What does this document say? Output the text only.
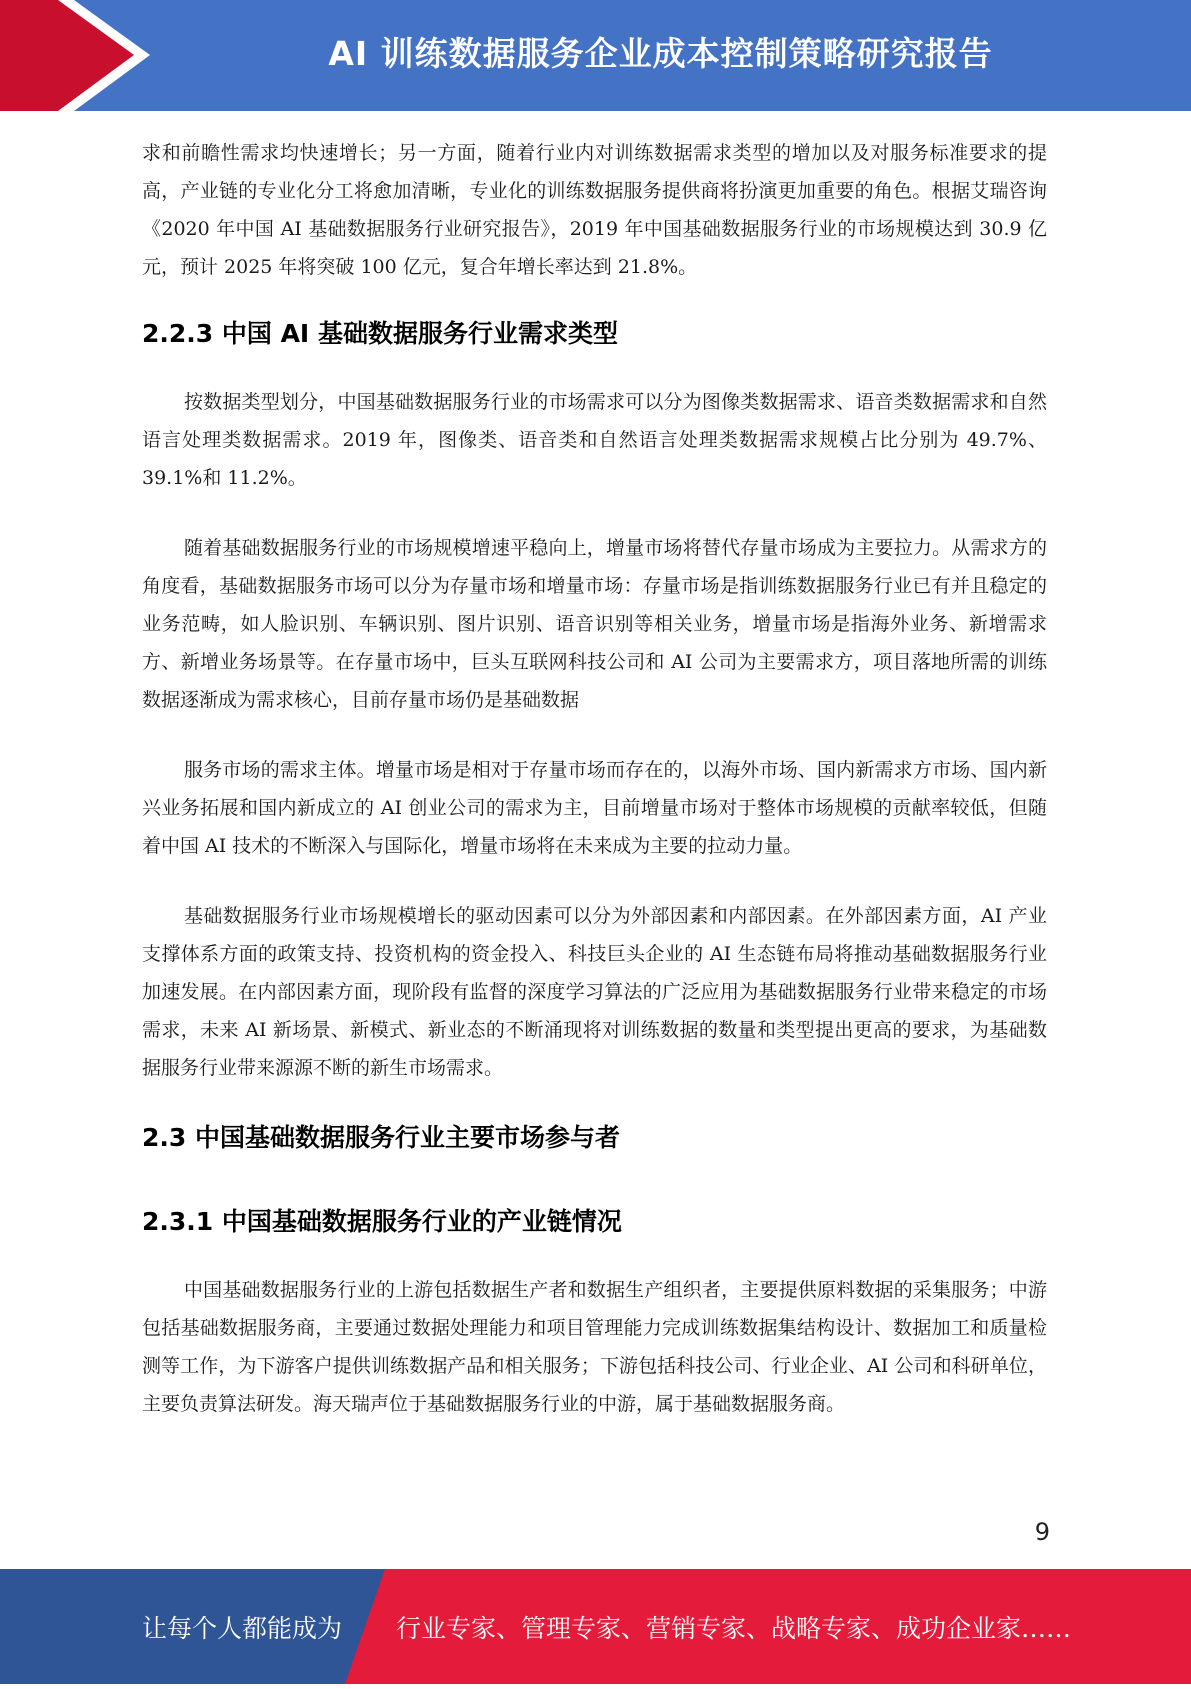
AI 训练数据服务企业成本控制策略研究报告

求和前瞻性需求均快速增长；另一方面，随着行业内对训练数据需求类型的增加以及对服务标准要求的提高，产业链的专业化分工将愈加清晰，专业化的训练数据服务提供商将扮演更加重要的角色。根据艾瑞咨询《2020 年中国 AI 基础数据服务行业研究报告》，2019 年中国基础数据服务行业的市场规模达到 30.9 亿元，预计 2025 年将突破 100 亿元，复合年增长率达到 21.8%。

2.2.3 中国 AI 基础数据服务行业需求类型

按数据类型划分，中国基础数据服务行业的市场需求可以分为图像类数据需求、语音类数据需求和自然语言处理类数据需求。2019 年，图像类、语音类和自然语言处理类数据需求规模占比分别为 49.7%、39.1%和 11.2%。

随着基础数据服务行业的市场规模增速平稳向上，增量市场将替代存量市场成为主要拉力。从需求方的角度看，基础数据服务市场可以分为存量市场和增量市场：存量市场是指训练数据服务行业已有并且稳定的业务范畴，如人脸识别、车辆识别、图片识别、语音识别等相关业务，增量市场是指海外业务、新增需求方、新增业务场景等。在存量市场中，巨头互联网科技公司和 AI 公司为主要需求方，项目落地所需的训练数据逐渐成为需求核心，目前存量市场仍是基础数据

服务市场的需求主体。增量市场是相对于存量市场而存在的，以海外市场、国内新需求方市场、国内新兴业务拓展和国内新成立的 AI 创业公司的需求为主，目前增量市场对于整体市场规模的贡献率较低，但随着中国 AI 技术的不断深入与国际化，增量市场将在未来成为主要的拉动力量。

基础数据服务行业市场规模增长的驱动因素可以分为外部因素和内部因素。在外部因素方面，AI 产业支撑体系方面的政策支持、投资机构的资金投入、科技巨头企业的 AI 生态链布局将推动基础数据服务行业加速发展。在内部因素方面，现阶段有监督的深度学习算法的广泛应用为基础数据服务行业带来稳定的市场需求，未来 AI 新场景、新模式、新业态的不断涌现将对训练数据的数量和类型提出更高的要求，为基础数据服务行业带来源源不断的新生市场需求。

2.3 中国基础数据服务行业主要市场参与者
2.3.1 中国基础数据服务行业的产业链情况

中国基础数据服务行业的上游包括数据生产者和数据生产组织者，主要提供原料数据的采集服务；中游包括基础数据服务商，主要通过数据处理能力和项目管理能力完成训练数据集结构设计、数据加工和质量检测等工作，为下游客户提供训练数据产品和相关服务；下游包括科技公司、行业企业、AI 公司和科研单位，主要负责算法研发。海天瑞声位于基础数据服务行业的中游，属于基础数据服务商。

9
让每个人都能成为 行业专家、管理专家、营销专家、战略专家、成功企业家……
